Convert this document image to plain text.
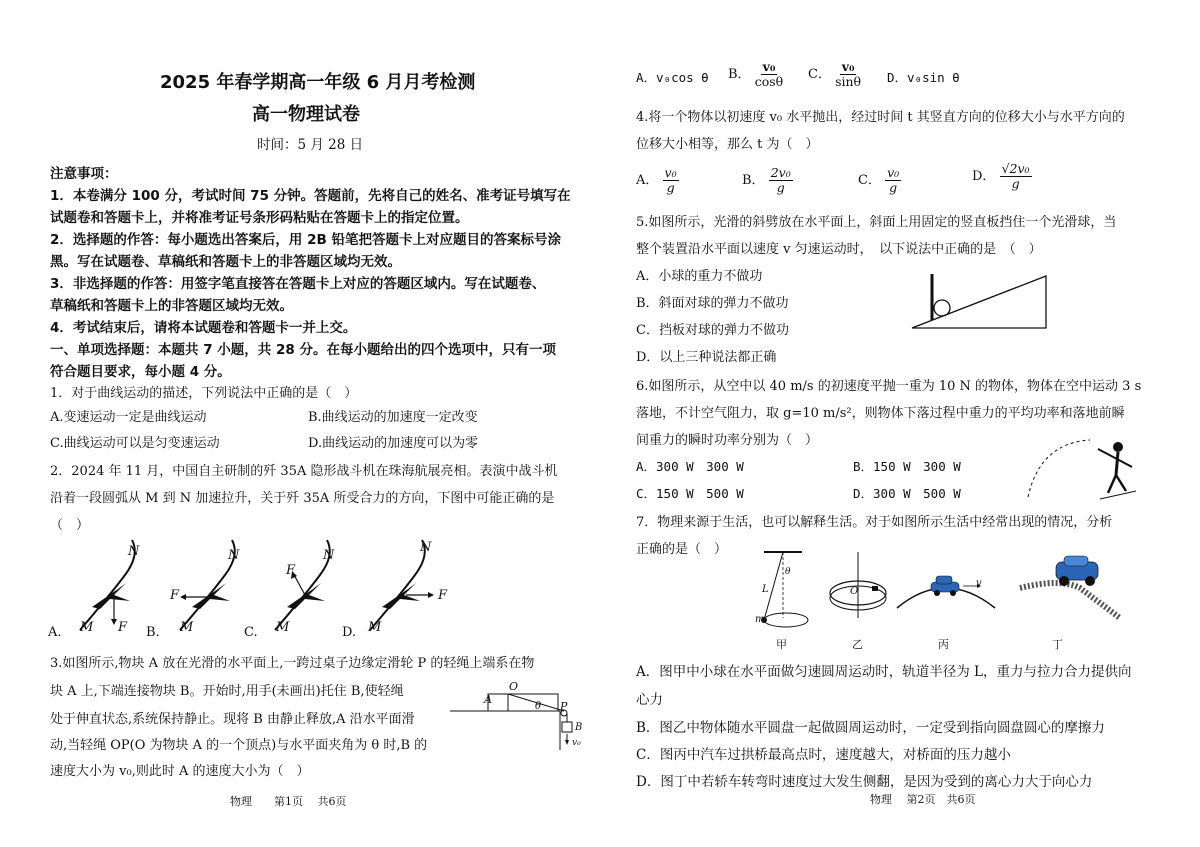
2025 年春学期高一年级 6 月月考检测
高一物理试卷
时间：5 月 28 日
注意事项：
1．本卷满分 100 分，考试时间 75 分钟。答题前，先将自己的姓名、准考证号填写在
试题卷和答题卡上，并将准考证号条形码粘贴在答题卡上的指定位置。
2．选择题的作答：每小题选出答案后，用 2B 铅笔把答题卡上对应题目的答案标号涂
黑。写在试题卷、草稿纸和答题卡上的非答题区域均无效。
3．非选择题的作答：用签字笔直接答在答题卡上对应的答题区域内。写在试题卷、
草稿纸和答题卡上的非答题区域均无效。
4．考试结束后，请将本试题卷和答题卡一并上交。
一、单项选择题：本题共 7 小题，共 28 分。在每小题给出的四个选项中，只有一项
符合题目要求，每小题 4 分。
1．对于曲线运动的描述，下列说法中正确的是（　）
A.变速运动一定是曲线运动	B.曲线运动的加速度一定改变
C.曲线运动可以是匀变速运动	D.曲线运动的加速度可以为零
2．2024 年 11 月，中国自主研制的歼 35A 隐形战斗机在珠海航展亮相。表演中战斗机
沿着一段圆弧从 M 到 N 加速拉升，关于歼 35A 所受合力的方向，下图中可能正确的是
（　）
N
M F
A.
N
M
F
B.
N
M
F
C.
N
M
F
D.
3.如图所示,物块 A 放在光滑的水平面上,一跨过桌子边缘定滑轮 P 的轻绳上端系在物
块 A 上,下端连接物块 B。开始时,用手(未画出)托住 B,使轻绳
处于伸直状态,系统保持静止。现将 B 由静止释放,A 沿水平面滑
动,当轻绳 OP(O 为物块 A 的一个顶点)与水平面夹角为 θ 时,B 的
速度大小为 v₀,则此时 A 的速度大小为（　）
A
O
P
θ
B
v₀
物理　　第1页　 共6页
A．v₀cos θ B． $\frac{\text{v₀}}{\cos\theta}$ C． $\frac{\text{v₀}}{\sin\theta}$ D．v₀sin θ
4.将一个物体以初速度 v₀ 水平抛出，经过时间 t 其竖直方向的位移大小与水平方向的
位移大小相等，那么 t 为（　）
A． $\frac{\text{v₀}}{g}$	B． $\frac{\text{2v₀}}{g}$	C． $\frac{\text{v₀}}{g}$	D． $\frac{\text{√2v₀}}{g}$
5.如图所示，光滑的斜劈放在水平面上，斜面上用固定的竖直板挡住一个光滑球，当
整个装置沿水平面以速度 v 匀速运动时，　以下说法中正确的是　（　）
A．小球的重力不做功
B．斜面对球的弹力不做功
C．挡板对球的弹力不做功
D．以上三种说法都正确
6.如图所示，从空中以 40 m/s 的初速度平抛一重为 10 N 的物体，物体在空中运动 3 s
落地，不计空气阻力，取 g=10 m/s²，则物体下落过程中重力的平均功率和落地前瞬
间重力的瞬时功率分别为（　）
A．300 W　300 W	B．150 W　300 W
C．150 W　500 W	D．300 W　500 W
7．物理来源于生活，也可以解释生活。对于如图所示生活中经常出现的情况，分析
正确的是（　）
甲	乙	丙	丁
L
m
θ
O
v
A．图甲中小球在水平面做匀速圆周运动时，轨道半径为 L，重力与拉力合力提供向
心力
B．图乙中物体随水平圆盘一起做圆周运动时，一定受到指向圆盘圆心的摩擦力
C．图丙中汽车过拱桥最高点时，速度越大，对桥面的压力越小
D．图丁中若轿车转弯时速度过大发生侧翻，是因为受到的离心力大于向心力
物理　 第2页　共6页
